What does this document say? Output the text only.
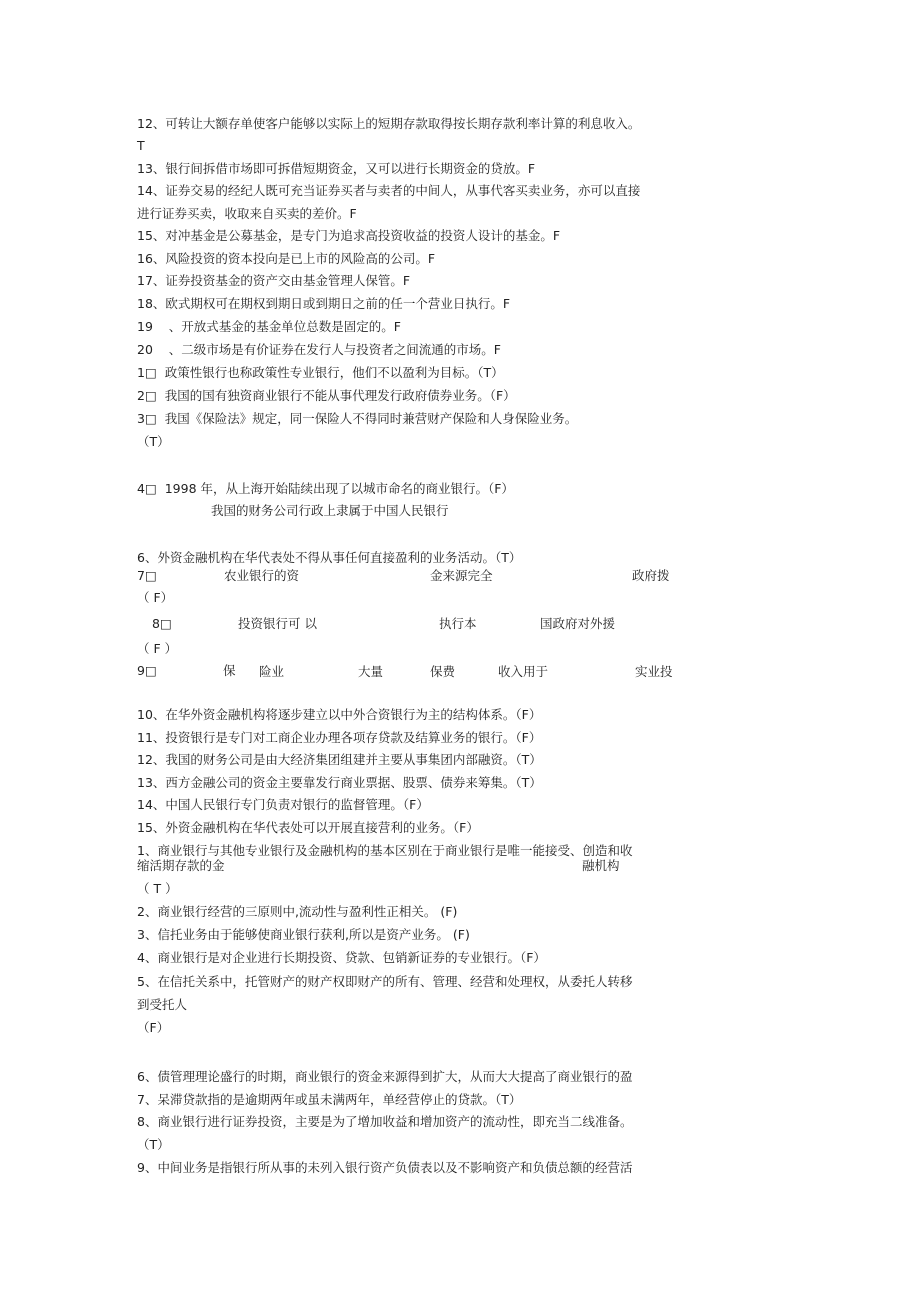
12、可转让大额存单使客户能够以实际上的短期存款取得按长期存款利率计算的利息收入。
T
13、银行间拆借市场即可拆借短期资金，又可以进行长期资金的贷放。F
14、证券交易的经纪人既可充当证券买者与卖者的中间人，从事代客买卖业务，亦可以直接
进行证券买卖，收取来自买卖的差价。F
15、对冲基金是公募基金，是专门为追求高投资收益的投资人设计的基金。F
16、风险投资的资本投向是已上市的风险高的公司。F
17、证券投资基金的资产交由基金管理人保管。F
18、欧式期权可在期权到期日或到期日之前的任一个营业日执行。F
19    、开放式基金的基金单位总数是固定的。F
20    、二级市场是有价证券在发行人与投资者之间流通的市场。F
1□  政策性银行也称政策性专业银行，他们不以盈利为目标。（T）
2□  我国的国有独资商业银行不能从事代理发行政府债券业务。（F）
3□  我国《保险法》规定，同一保险人不得同时兼营财产保险和人身保险业务。
（T）
4□  1998 年，从上海开始陆续出现了以城市命名的商业银行。（F）
我国的财务公司行政上隶属于中国人民银行
6、外资金融机构在华代表处不得从事任何直接盈利的业务活动。（T）
7□	农业银行的资	金来源完全	政府拨
（ F）
8□	投资银行可 以	执行本	国政府对外援
（ F ）
9□	保 险业	大量	保费	收入用于	实业投
10、在华外资金融机构将逐步建立以中外合资银行为主的结构体系。（F）
11、投资银行是专门对工商企业办理各项存贷款及结算业务的银行。（F）
12、我国的财务公司是由大经济集团组建并主要从事集团内部融资。（T）
13、西方金融公司的资金主要靠发行商业票据、股票、债券来筹集。（T）
14、中国人民银行专门负责对银行的监督管理。（F）
15、外资金融机构在华代表处可以开展直接营利的业务。（F）
1、商业银行与其他专业银行及金融机构的基本区别在于商业银行是唯一能接受、创造和收
缩活期存款的金	融机构
（ T ）
2、商业银行经营的三原则中,流动性与盈利性正相关。 (F)
3、信托业务由于能够使商业银行获利,所以是资产业务。 (F)
4、商业银行是对企业进行长期投资、贷款、包销新证券的专业银行。（F）
5、在信托关系中，托管财产的财产权即财产的所有、管理、经营和处理权，从委托人转移
到受托人
（F）
6、债管理理论盛行的时期，商业银行的资金来源得到扩大，从而大大提高了商业银行的盈
7、呆滞贷款指的是逾期两年或虽未满两年，单经营停止的贷款。（T）
8、商业银行进行证券投资，主要是为了增加收益和增加资产的流动性，即充当二线准备。
（T）
9、中间业务是指银行所从事的未列入银行资产负债表以及不影响资产和负债总额的经营活
